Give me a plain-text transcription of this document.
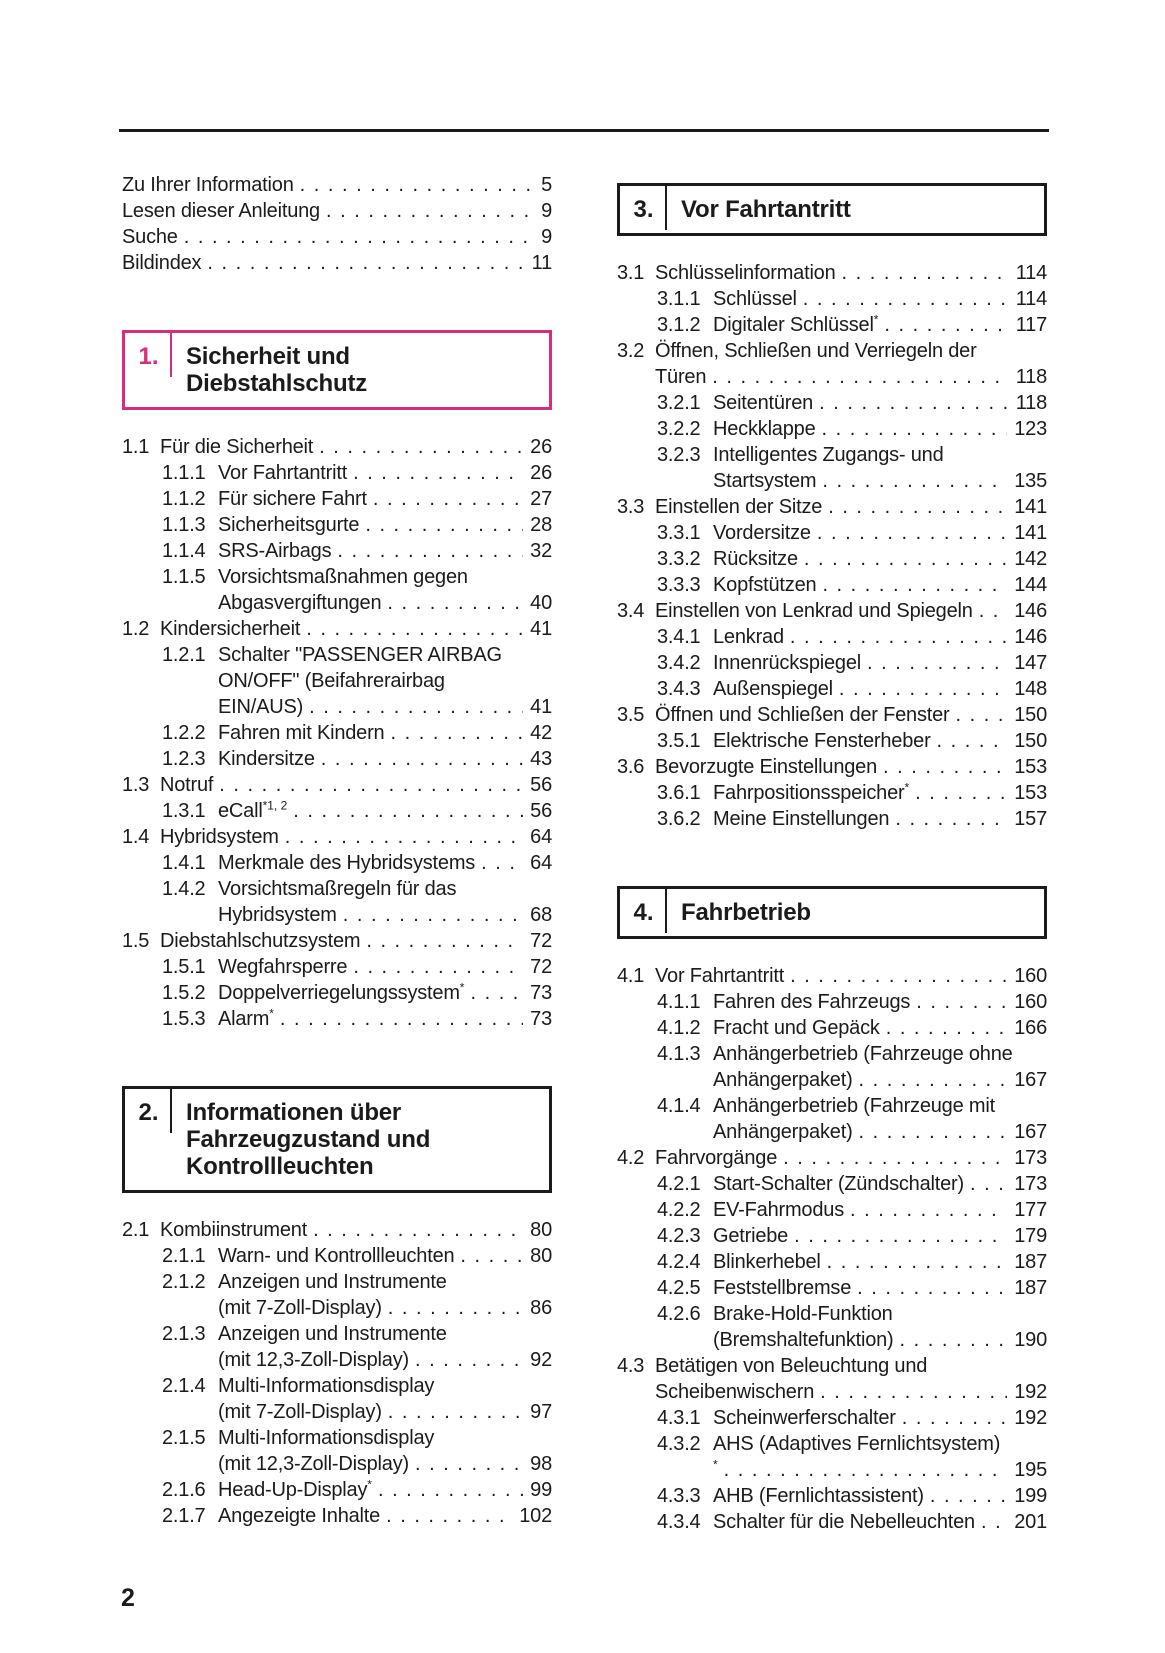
Zu Ihrer Information . . .	5
Lesen dieser Anleitung . . .	9
Suche . . .	9
Bildindex . . .	11
1.	Sicherheit und
Diebstahlschutz
1.1 Für die Sicherheit . . .	26
1.1.1 Vor Fahrtantritt . . .	26
1.1.2 Für sichere Fahrt . . .	27
1.1.3 Sicherheitsgurte . . .	28
1.1.4 SRS-Airbags . . .	32
1.1.5 Vorsichtsmaßnahmen gegen
Abgasvergiftungen . . .	40
1.2 Kindersicherheit . . .	41
1.2.1 Schalter "PASSENGER AIRBAG
ON/OFF" (Beifahrerairbag
EIN/AUS) . . .	41
1.2.2 Fahren mit Kindern . . .	42
1.2.3 Kindersitze . . .	43
1.3 Notruf . . .	56
1.3.1 eCall$^{*1, 2}$ . . .	56
1.4 Hybridsystem . . .	64
1.4.1 Merkmale des Hybridsystems . . .	64
1.4.2 Vorsichtsmaßregeln für das
Hybridsystem . . .	68
1.5 Diebstahlschutzsystem . . .	72
1.5.1 Wegfahrsperre . . .	72
1.5.2 Doppelverriegelungssystem* . . .	73
1.5.3 Alarm* . . .	73
2.	Informationen über
Fahrzeugzustand und
Kontrollleuchten
2.1 Kombiinstrument . . .	80
2.1.1 Warn- und Kontrollleuchten . . .	80
2.1.2 Anzeigen und Instrumente
(mit 7-Zoll-Display) . . .	86
2.1.3 Anzeigen und Instrumente
(mit 12,3-Zoll-Display) . . .	92
2.1.4 Multi-Informationsdisplay
(mit 7-Zoll-Display) . . .	97
2.1.5 Multi-Informationsdisplay
(mit 12,3-Zoll-Display) . . .	98
2.1.6 Head-Up-Display* . . .	99
2.1.7 Angezeigte Inhalte . . .	102
3.	Vor Fahrtantritt
3.1 Schlüsselinformation . . .	114
3.1.1 Schlüssel . . .	114
3.1.2 Digitaler Schlüssel* . . .	117
3.2 Öffnen, Schließen und Verriegeln der
Türen . . .	118
3.2.1 Seitentüren . . .	118
3.2.2 Heckklappe . . .	123
3.2.3 Intelligentes Zugangs- und
Startsystem . . .	135
3.3 Einstellen der Sitze . . .	141
3.3.1 Vordersitze . . .	141
3.3.2 Rücksitze . . .	142
3.3.3 Kopfstützen . . .	144
3.4 Einstellen von Lenkrad und Spiegeln . . . 146
3.4.1 Lenkrad . . .	146
3.4.2 Innenrückspiegel . . .	147
3.4.3 Außenspiegel . . .	148
3.5 Öffnen und Schließen der Fenster . . .	150
3.5.1 Elektrische Fensterheber . . .	150
3.6 Bevorzugte Einstellungen . . .	153
3.6.1 Fahrpositionsspeicher* . . .	153
3.6.2 Meine Einstellungen . . .	157
4.	Fahrbetrieb
4.1 Vor Fahrtantritt . . .	160
4.1.1 Fahren des Fahrzeugs . . .	160
4.1.2 Fracht und Gepäck . . .	166
4.1.3 Anhängerbetrieb (Fahrzeuge ohne
Anhängerpaket) . . .	167
4.1.4 Anhängerbetrieb (Fahrzeuge mit
Anhängerpaket) . . .	167
4.2 Fahrvorgänge . . .	173
4.2.1 Start-Schalter (Zündschalter) . . .	173
4.2.2 EV-Fahrmodus . . .	177
4.2.3 Getriebe . . .	179
4.2.4 Blinkerhebel . . .	187
4.2.5 Feststellbremse . . .	187
4.2.6 Brake-Hold-Funktion
(Bremshaltefunktion) . . .	190
4.3 Betätigen von Beleuchtung und
Scheibenwischern . . .	192
4.3.1 Scheinwerferschalter . . .	192
4.3.2 AHS (Adaptives Fernlichtsystem)
* . . .	195
4.3.3 AHB (Fernlichtassistent) . . .	199
4.3.4 Schalter für die Nebelleuchten . . . 201
2
